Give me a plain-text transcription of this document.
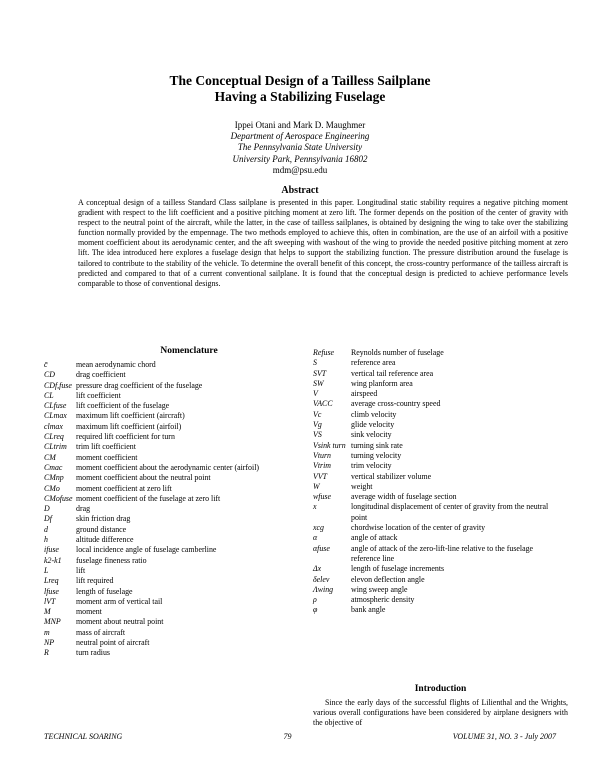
The Conceptual Design of a Tailless Sailplane
Having a Stabilizing Fuselage
Ippei Otani and Mark D. Maughmer
Department of Aerospace Engineering
The Pennsylvania State University
University Park, Pennsylvania 16802
mdm@psu.edu
Abstract

A conceptual design of a tailless Standard Class sailplane is presented in this paper. Longitudinal static stability requires a negative pitching moment gradient with respect to the lift coefficient and a positive pitching moment at zero lift. The former depends on the position of the center of gravity with respect to the neutral point of the aircraft, while the latter, in the case of tailless sailplanes, is obtained by designing the wing to take over the stabilizing function normally provided by the empennage. The two methods employed to achieve this, often in combination, are the use of an airfoil with a positive moment coefficient about its aerodynamic center, and the aft sweeping with washout of the wing to provide the needed positive pitching moment at zero lift. The idea introduced here explores a fuselage design that helps to support the stabilizing function. The pressure distribution around the fuselage is tailored to contribute to the stability of the vehicle. To determine the overall benefit of this concept, the cross-country performance of the tailless aircraft is predicted and compared to that of a current conventional sailplane. It is found that the conceptual design is predicted to achieve performance levels comparable to those of conventional designs.

Nomenclature
c̄	mean aerodynamic chord
CD	drag coefficient
CDf,fuse pressure drag coefficient of the fuselage
CL	lift coefficient
CLfuse	lift coefficient of the fuselage
CLmax	maximum lift coefficient (aircraft)
clmax	maximum lift coefficient (airfoil)
CLreq	required lift coefficient for turn
CLtrim	trim lift coefficient
CM	moment coefficient
Cmac	moment coefficient about the aerodynamic center (airfoil)
CMnp	moment coefficient about the neutral point
CMo	moment coefficient at zero lift
CMofuse moment coefficient of the fuselage at zero lift
D	drag
Df	skin friction drag
d	ground distance
h	altitude difference
ifuse	local incidence angle of fuselage camberline
k2-k1	fuselage fineness ratio
L	lift
Lreq	lift required
lfuse	length of fuselage
lVT	moment arm of vertical tail
M	moment
MNP	moment about neutral point
m	mass of aircraft
NP	neutral point of aircraft
R	turn radius
Refuse	Reynolds number of fuselage
S	reference area
SVT	vertical tail reference area
SW	wing planform area
V	airspeed
VACC	average cross-country speed
Vc	climb velocity
Vg	glide velocity
VS	sink velocity
Vsink turn turning sink rate
Vturn	turning velocity
Vtrim	trim velocity
VVT	vertical stabilizer volume
W	weight
wfuse	average width of fuselage section
x	longitudinal displacement of center of gravity from the neutral point
xcg	chordwise location of the center of gravity
α	angle of attack
αfuse	angle of attack of the zero-lift-line relative to the fuselage reference line
Δx	length of fuselage increments
δelev	elevon deflection angle
Λwing	wing sweep angle
ρ	atmospheric density
φ	bank angle
Introduction

Since the early days of the successful flights of Lilienthal and the Wrights, various overall configurations have been considered by airplane designers with the objective of

TECHNICAL SOARING	79	VOLUME 31, NO. 3 - July 2007
